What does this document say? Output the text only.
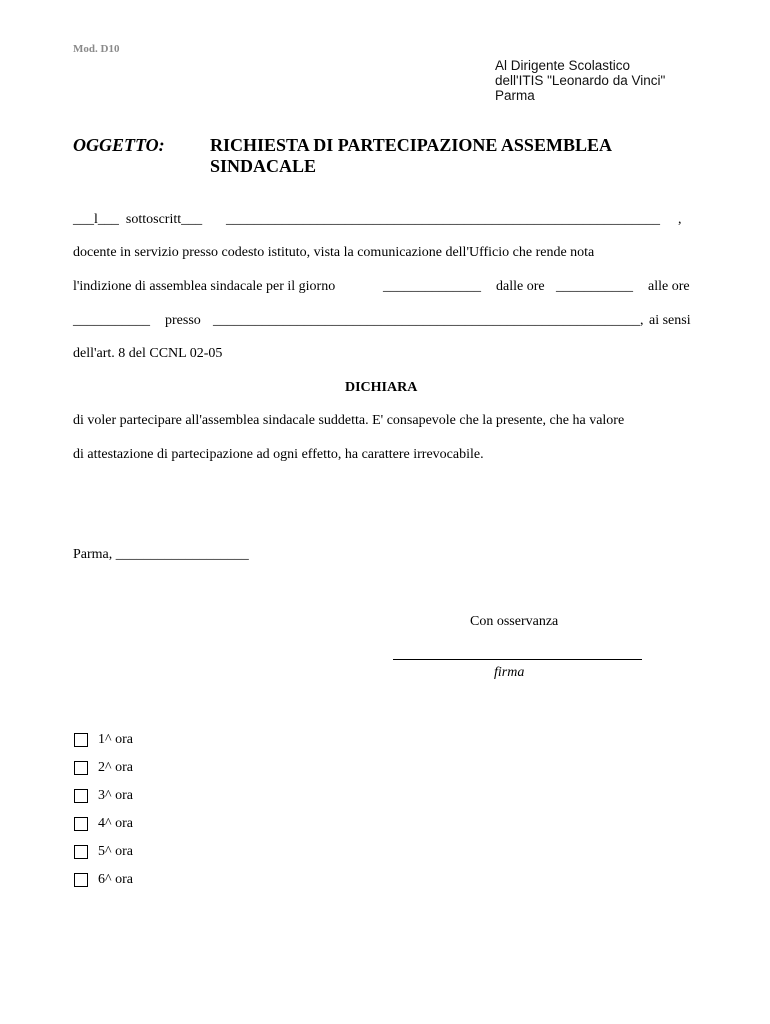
Mod. D10
Al Dirigente Scolastico
dell'ITIS "Leonardo da Vinci"
Parma
OGGETTO:	RICHIESTA DI PARTECIPAZIONE ASSEMBLEA
SINDACALE
___l___  sottoscritt___ ______________________________________________________________ ,
docente in servizio presso codesto istituto, vista la comunicazione dell'Ufficio che rende nota
l'indizione di assemblea sindacale per il giorno	______________ dalle ore ___________ alle ore
___________ presso _____________________________________________________________, ai sensi
dell'art. 8 del CCNL 02-05
DICHIARA
di voler partecipare all'assemblea sindacale suddetta. E' consapevole che la presente, che ha valore
di attestazione di partecipazione ad ogni effetto, ha carattere irrevocabile.
Parma, ___________________
Con osservanza
firma
1^ ora
2^ ora
3^ ora
4^ ora
5^ ora
6^ ora
